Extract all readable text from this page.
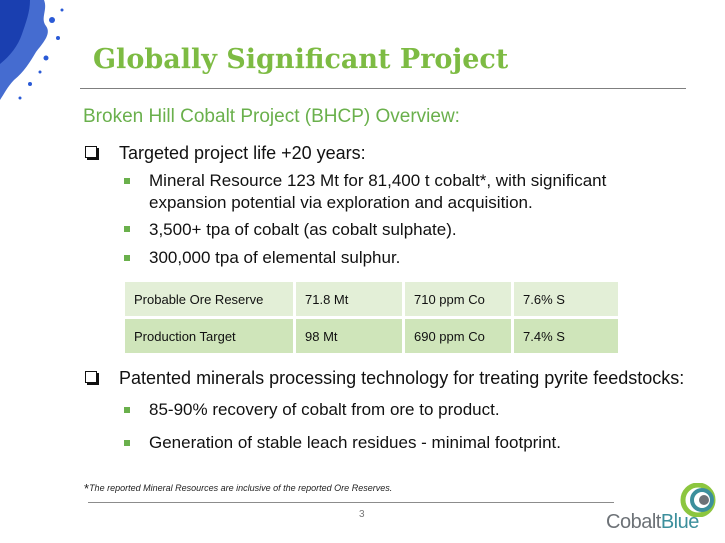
Globally Significant Project
Broken Hill Cobalt Project (BHCP) Overview:
Targeted project life +20 years:
Mineral Resource 123 Mt for 81,400 t cobalt*, with significant
expansion potential via exploration and acquisition.
3,500+ tpa of cobalt (as cobalt sulphate).
300,000 tpa of elemental sulphur.
Probable Ore Reserve	71.8 Mt	710 ppm Co	7.6% S
Production Target	98 Mt	690 ppm Co	7.4% S
Patented minerals processing technology for treating pyrite feedstocks:
85-90% recovery of cobalt from ore to product.
Generation of stable leach residues - minimal footprint.
*The reported Mineral Resources are inclusive of the reported Ore Reserves.
3	CobaltBlue
